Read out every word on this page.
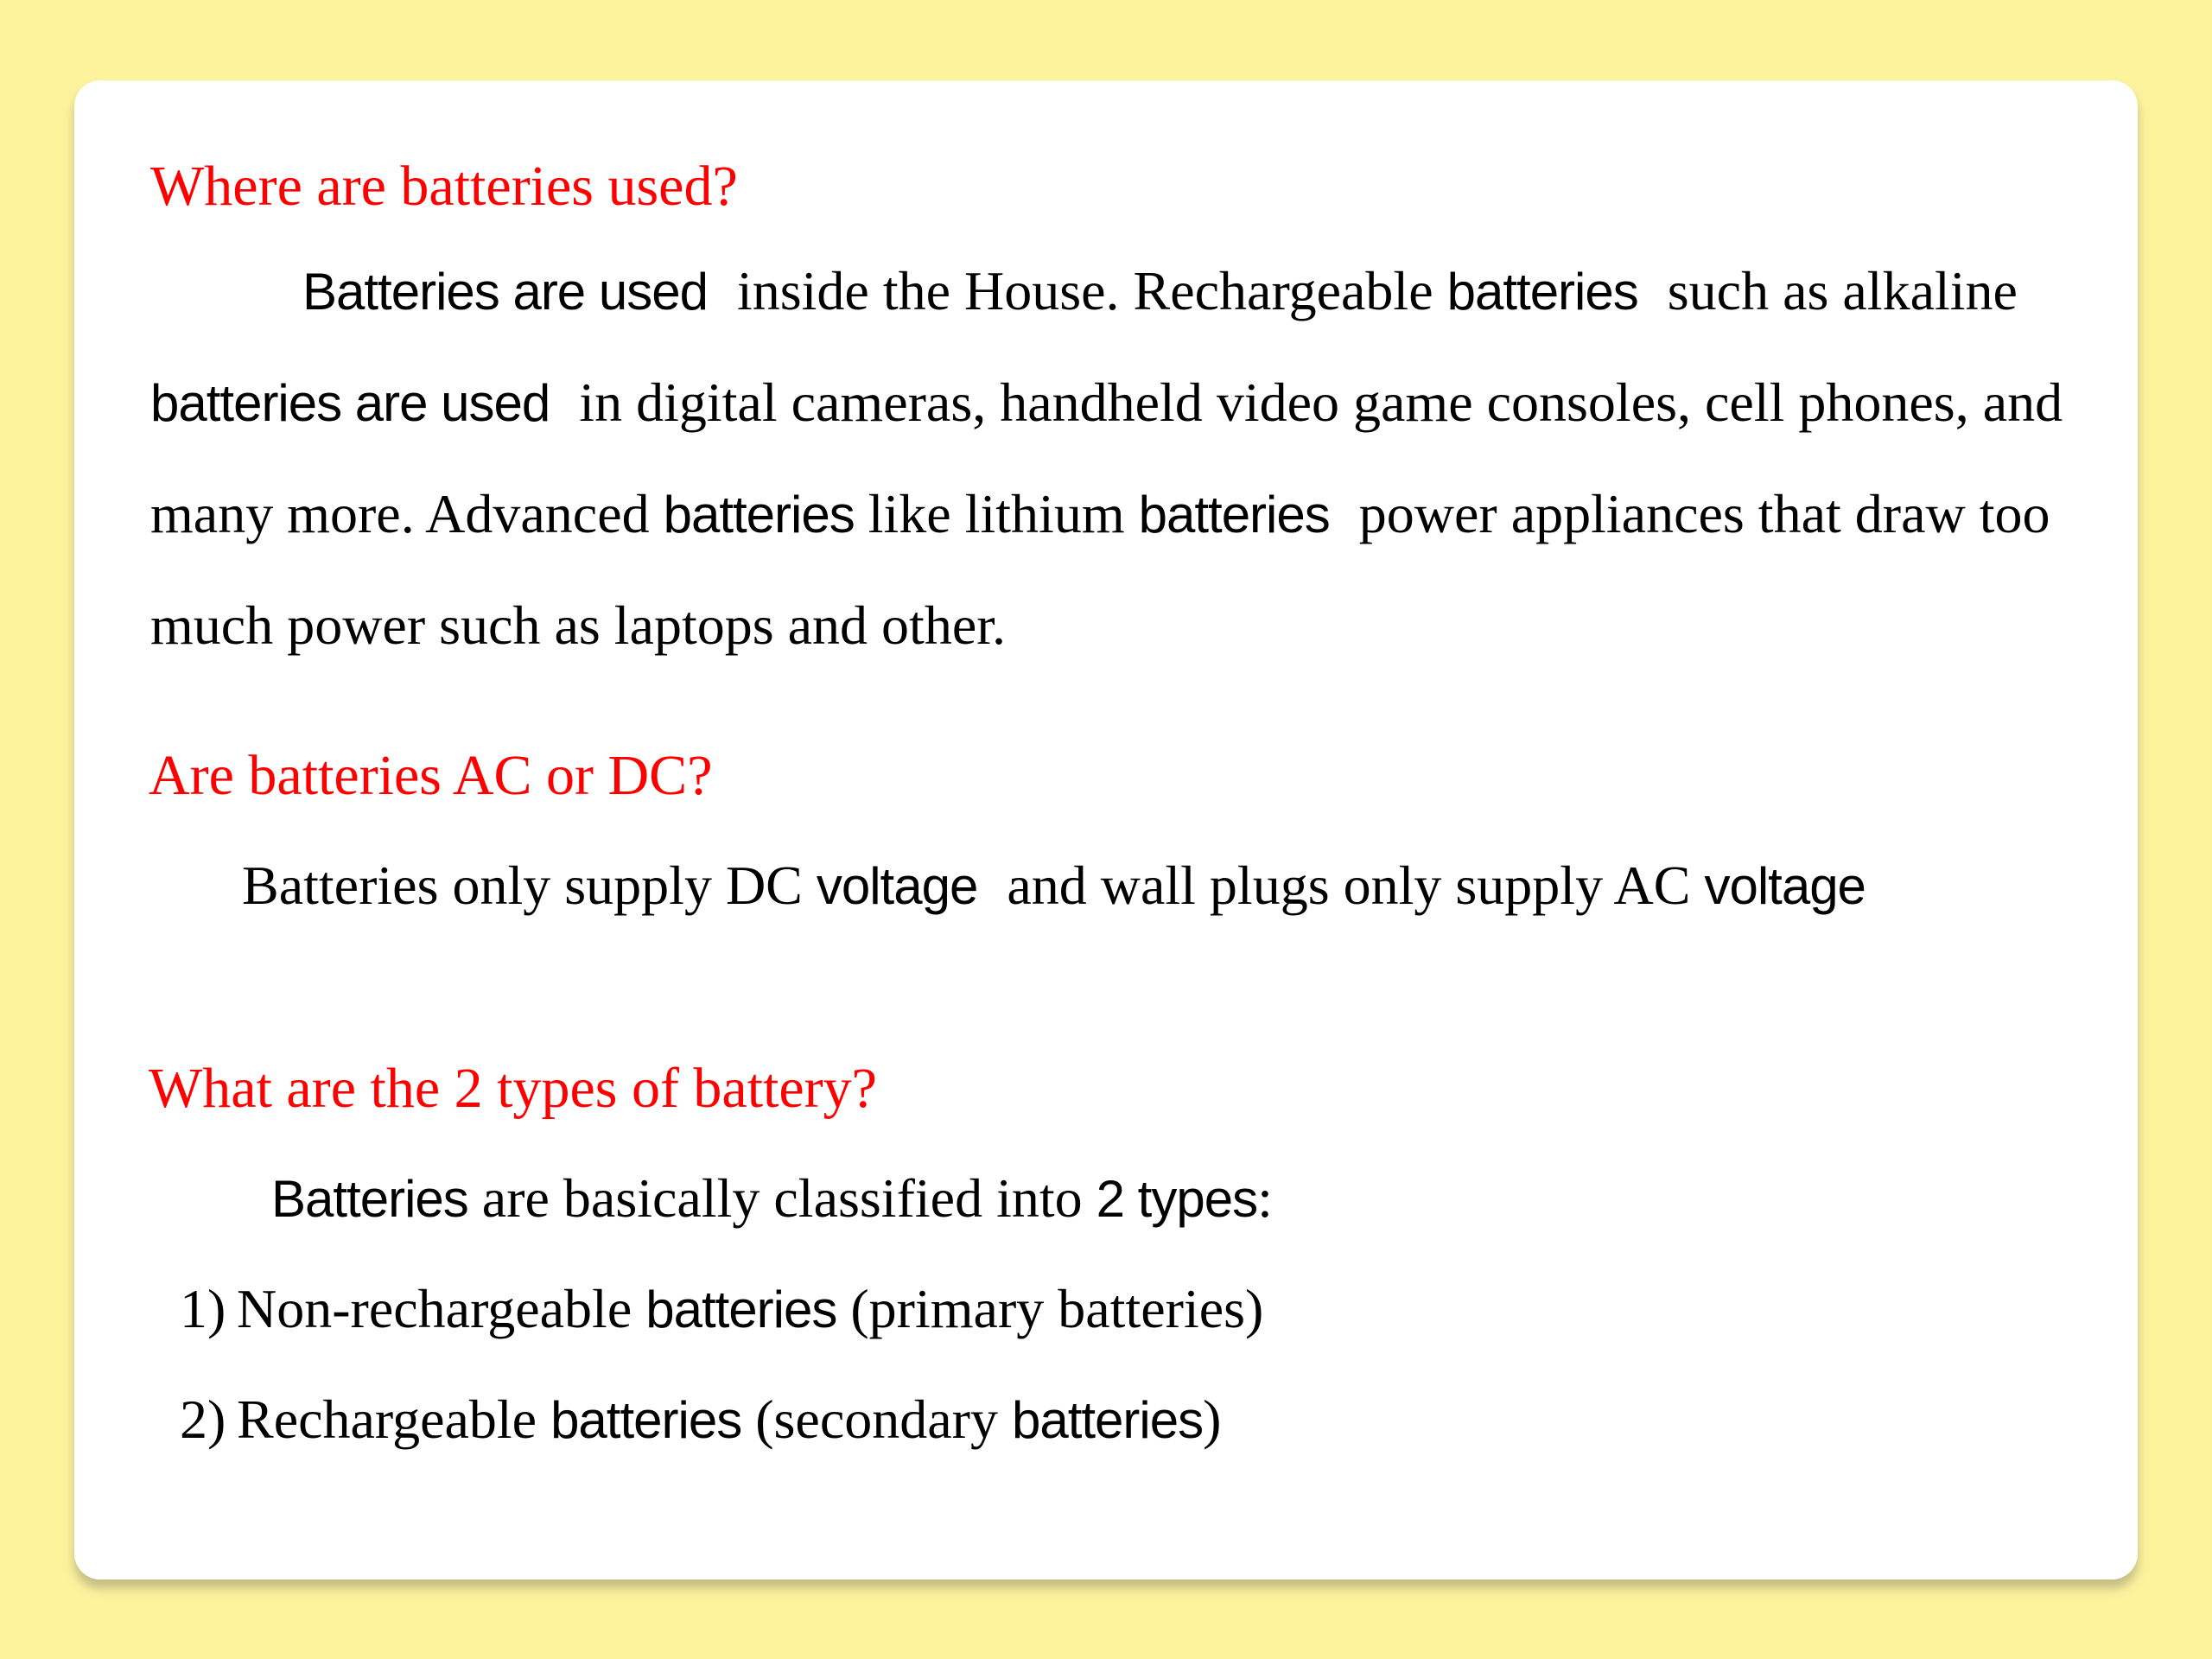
Where are batteries used?

Batteries are used inside the House. Rechargeable batteries such as alkaline batteries are used in digital cameras, handheld video game consoles, cell phones, and many more. Advanced batteries like lithium batteries power appliances that draw too much power such as laptops and other.

Are batteries AC or DC?

Batteries only supply DC voltage and wall plugs only supply AC voltage

What are the 2 types of battery?

Batteries are basically classified into 2 types:

1) Non-rechargeable batteries (primary batteries)

2) Rechargeable batteries (secondary batteries)
